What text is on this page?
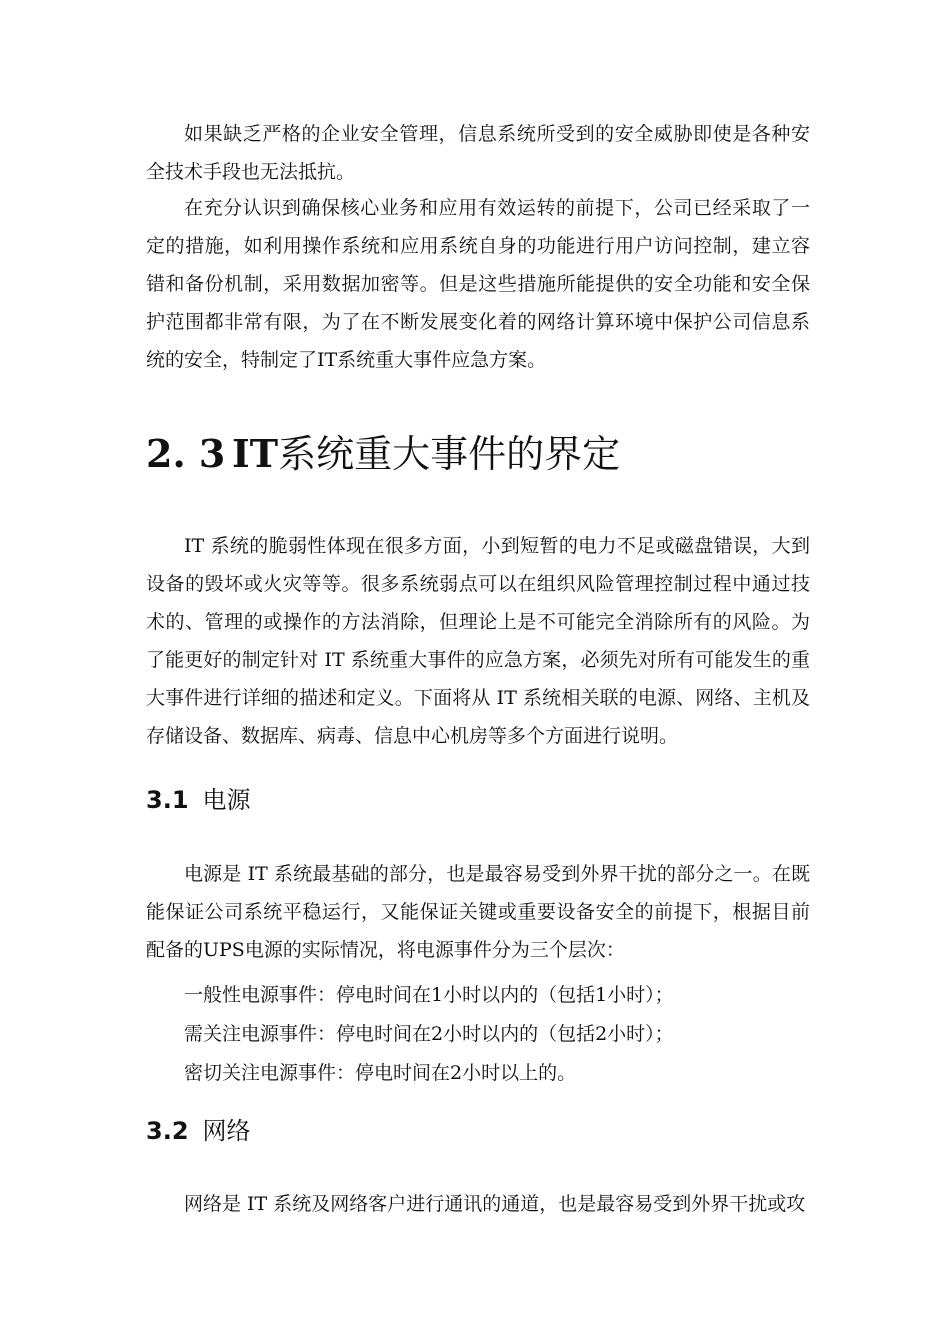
如果缺乏严格的企业安全管理，信息系统所受到的安全威胁即使是各种安全技术手段也无法抵抗。

在充分认识到确保核心业务和应用有效运转的前提下，公司已经采取了一定的措施，如利用操作系统和应用系统自身的功能进行用户访问控制，建立容错和备份机制，采用数据加密等。但是这些措施所能提供的安全功能和安全保护范围都非常有限，为了在不断发展变化着的网络计算环境中保护公司信息系统的安全，特制定了IT系统重大事件应急方案。

2. 3 IT系统重大事件的界定

IT 系统的脆弱性体现在很多方面，小到短暂的电力不足或磁盘错误，大到设备的毁坏或火灾等等。很多系统弱点可以在组织风险管理控制过程中通过技术的、管理的或操作的方法消除，但理论上是不可能完全消除所有的风险。为了能更好的制定针对 IT 系统重大事件的应急方案，必须先对所有可能发生的重大事件进行详细的描述和定义。下面将从 IT 系统相关联的电源、网络、主机及存储设备、数据库、病毒、信息中心机房等多个方面进行说明。

3.1 电源

电源是 IT 系统最基础的部分，也是最容易受到外界干扰的部分之一。在既能保证公司系统平稳运行，又能保证关键或重要设备安全的前提下，根据目前配备的UPS电源的实际情况，将电源事件分为三个层次：

一般性电源事件：停电时间在1小时以内的（包括1小时）；

需关注电源事件：停电时间在2小时以内的（包括2小时）；

密切关注电源事件：停电时间在2小时以上的。

3.2 网络

网络是 IT 系统及网络客户进行通讯的通道，也是最容易受到外界干扰或攻
